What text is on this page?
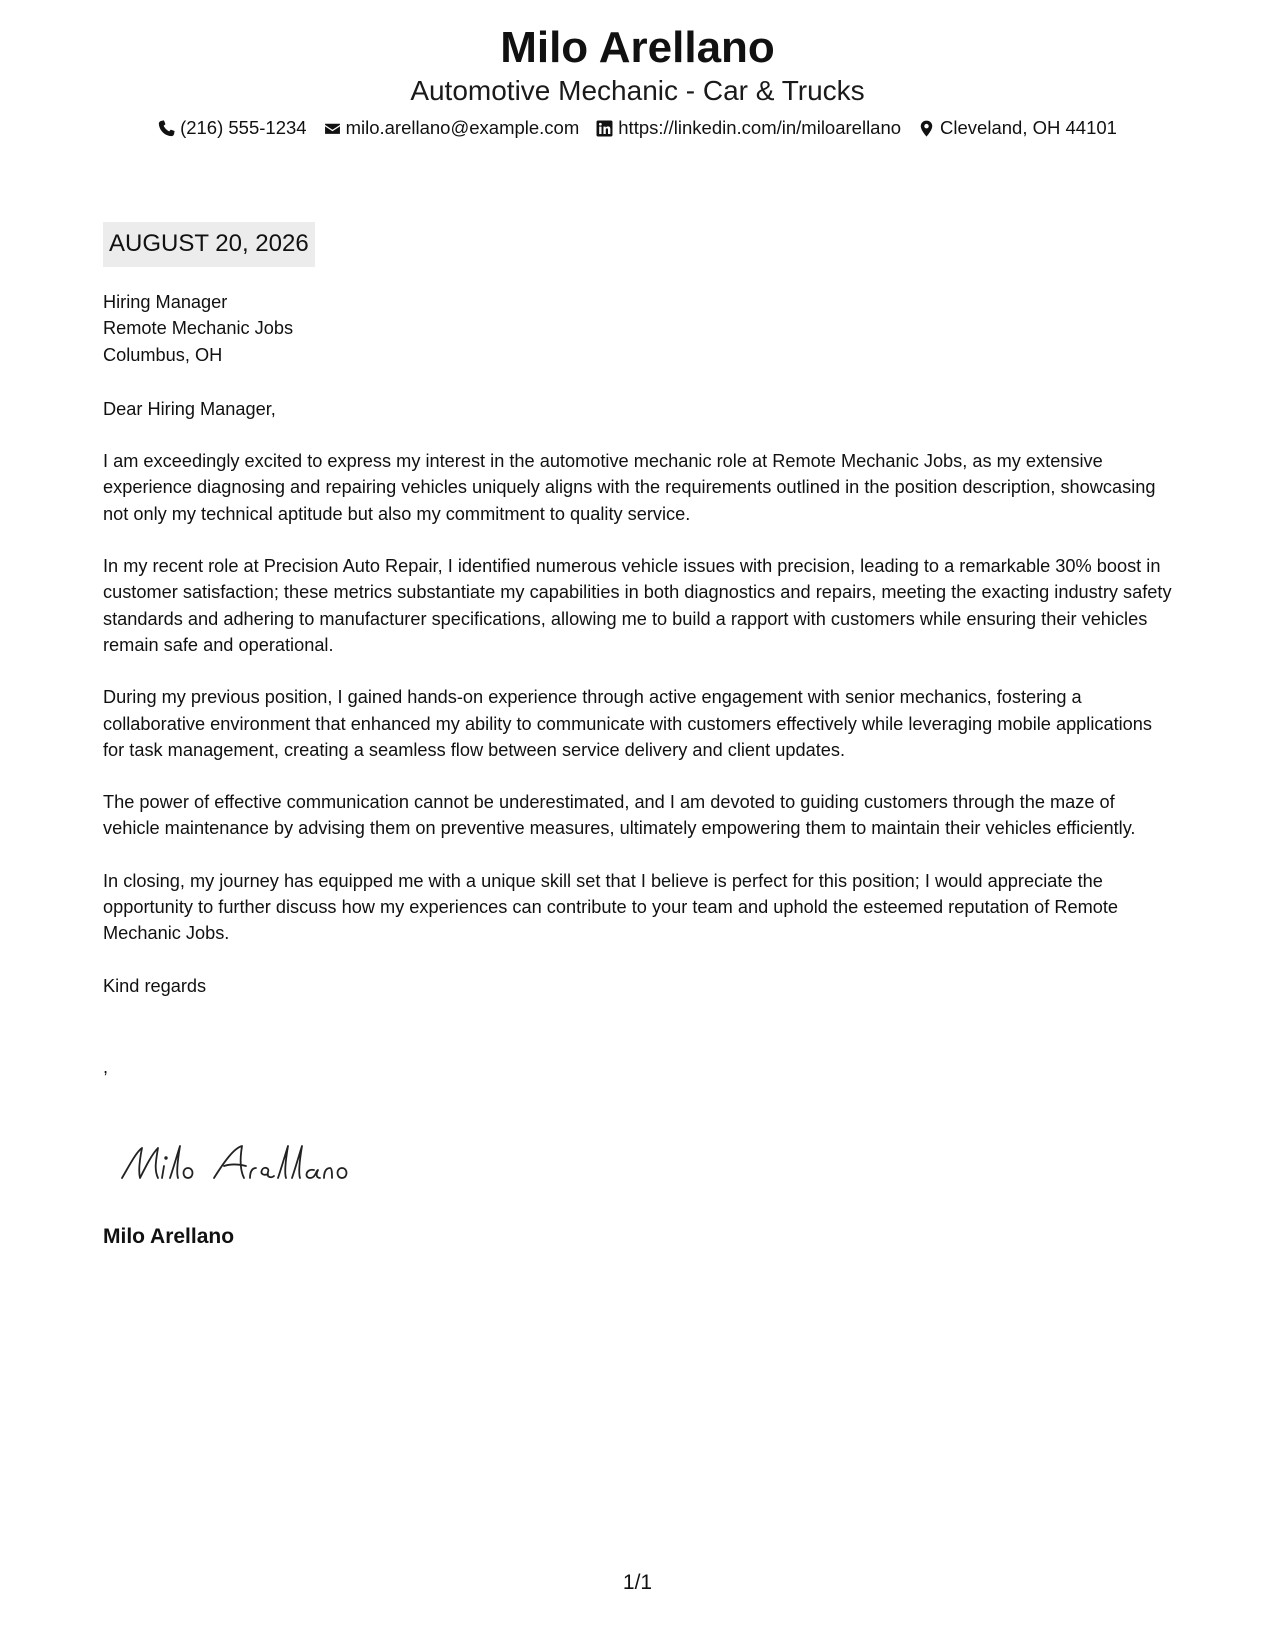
Milo Arellano
Automotive Mechanic - Car & Trucks
(216) 555-1234 milo.arellano@example.com https://linkedin.com/in/miloarellano Cleveland, OH 44101
AUGUST 20, 2026
Hiring Manager
Remote Mechanic Jobs
Columbus, OH
Dear Hiring Manager,

I am exceedingly excited to express my interest in the automotive mechanic role at Remote Mechanic Jobs, as my extensive experience diagnosing and repairing vehicles uniquely aligns with the requirements outlined in the position description, showcasing not only my technical aptitude but also my commitment to quality service.

In my recent role at Precision Auto Repair, I identified numerous vehicle issues with precision, leading to a remarkable 30% boost in customer satisfaction; these metrics substantiate my capabilities in both diagnostics and repairs, meeting the exacting industry safety standards and adhering to manufacturer specifications, allowing me to build a rapport with customers while ensuring their vehicles remain safe and operational.

During my previous position, I gained hands-on experience through active engagement with senior mechanics, fostering a collaborative environment that enhanced my ability to communicate with customers effectively while leveraging mobile applications for task management, creating a seamless flow between service delivery and client updates.

The power of effective communication cannot be underestimated, and I am devoted to guiding customers through the maze of vehicle maintenance by advising them on preventive measures, ultimately empowering them to maintain their vehicles efficiently.

In closing, my journey has equipped me with a unique skill set that I believe is perfect for this position; I would appreciate the opportunity to further discuss how my experiences can contribute to your team and uphold the esteemed reputation of Remote Mechanic Jobs.

Kind regards
,
Milo Arellano
1/1
